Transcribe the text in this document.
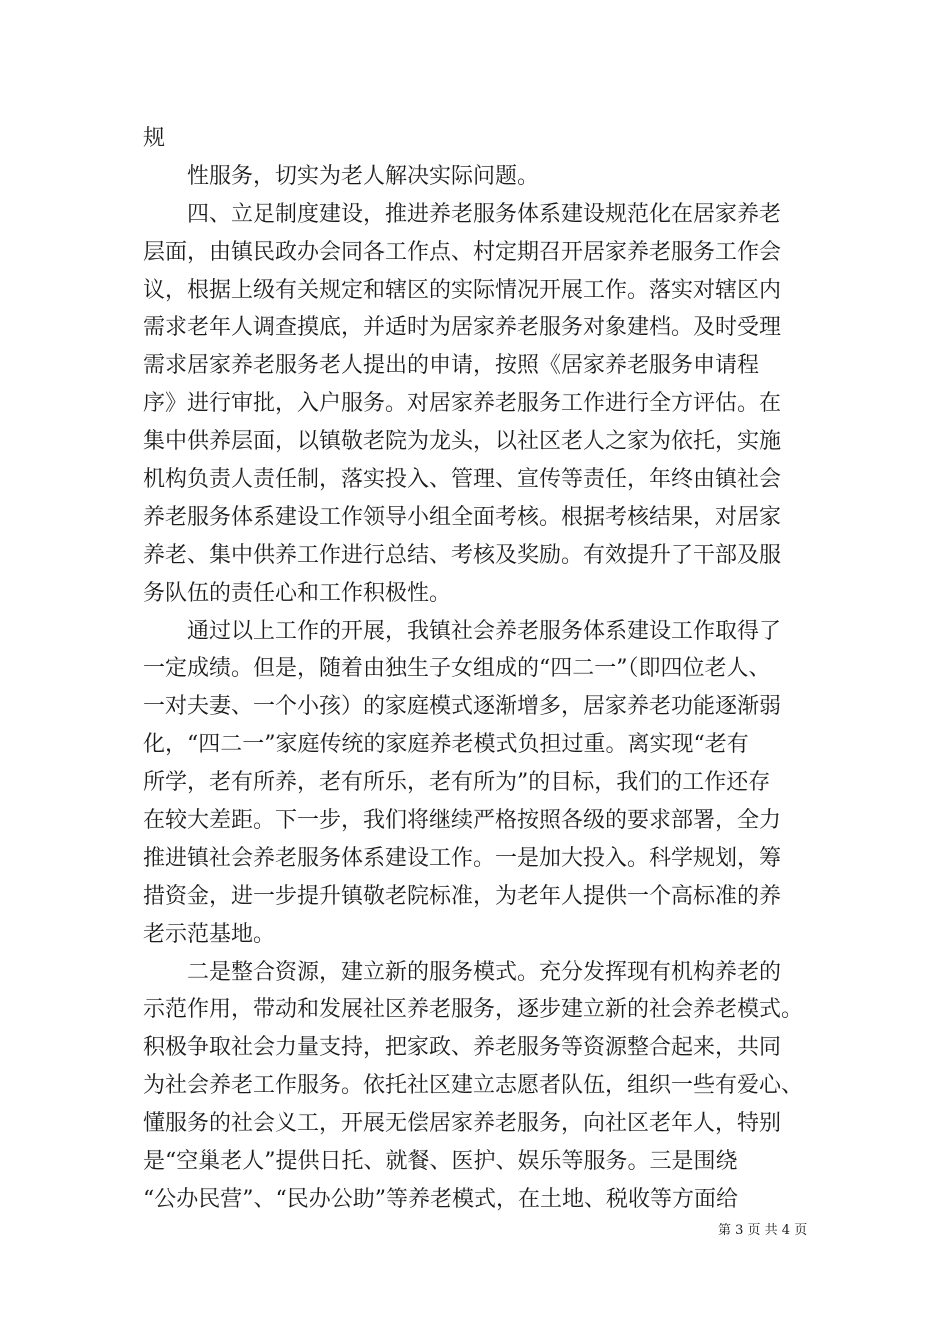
规
性服务，切实为老人解决实际问题。
四、立足制度建设，推进养老服务体系建设规范化在居家养老
层面，由镇民政办会同各工作点、村定期召开居家养老服务工作会
议，根据上级有关规定和辖区的实际情况开展工作。落实对辖区内
需求老年人调查摸底，并适时为居家养老服务对象建档。及时受理
需求居家养老服务老人提出的申请，按照《居家养老服务申请程
序》进行审批，入户服务。对居家养老服务工作进行全方评估。在
集中供养层面，以镇敬老院为龙头，以社区老人之家为依托，实施
机构负责人责任制，落实投入、管理、宣传等责任，年终由镇社会
养老服务体系建设工作领导小组全面考核。根据考核结果，对居家
养老、集中供养工作进行总结、考核及奖励。有效提升了干部及服
务队伍的责任心和工作积极性。
通过以上工作的开展，我镇社会养老服务体系建设工作取得了
一定成绩。但是，随着由独生子女组成的“四二一”（即四位老人、
一对夫妻、一个小孩）的家庭模式逐渐增多，居家养老功能逐渐弱
化，“四二一”家庭传统的家庭养老模式负担过重。离实现“老有
所学，老有所养，老有所乐，老有所为”的目标，我们的工作还存
在较大差距。下一步，我们将继续严格按照各级的要求部署，全力
推进镇社会养老服务体系建设工作。一是加大投入。科学规划，筹
措资金，进一步提升镇敬老院标准，为老年人提供一个高标准的养
老示范基地。
二是整合资源，建立新的服务模式。充分发挥现有机构养老的
示范作用，带动和发展社区养老服务，逐步建立新的社会养老模式。
积极争取社会力量支持，把家政、养老服务等资源整合起来，共同
为社会养老工作服务。依托社区建立志愿者队伍，组织一些有爱心、
懂服务的社会义工，开展无偿居家养老服务，向社区老年人，特别
是“空巢老人”提供日托、就餐、医护、娱乐等服务。三是围绕
“公办民营”、“民办公助”等养老模式，在土地、税收等方面给
第 3 页 共 4 页
